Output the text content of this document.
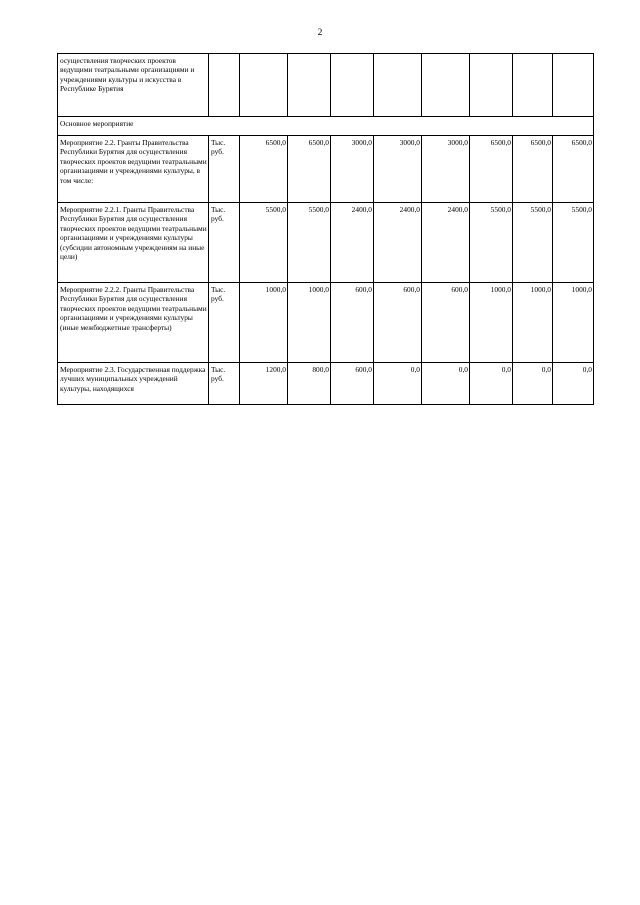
2
осуществления творческих проектов ведущими театральными организациями и учреждениями культуры и искусства в Республике Бурятия									
Основное мероприятие									
Мероприятие 2.2. Гранты Правительства Республики Бурятия для осуществления творческих проектов ведущими театральными организациями и учреждениями культуры, в том числе:	Тыс. руб.	6500,0	6500,0	3000,0	3000,0	3000,0	6500,0	6500,0	6500,0
Мероприятие 2.2.1. Гранты Правительства Республики Бурятия для осуществления творческих проектов ведущими театральными организациями и учреждениями культуры (субсидии автономным учреждениям на иные цели)	Тыс. руб.	5500,0	5500,0	2400,0	2400,0	2400,0	5500,0	5500,0	5500,0
Мероприятие 2.2.2. Гранты Правительства Республики Бурятия для осуществления творческих проектов ведущими театральными организациями и учреждениями культуры (иные межбюджетные трансферты)	Тыс. руб.	1000,0	1000,0	600,0	600,0	600,0	1000,0	1000,0	1000,0
Мероприятие 2.3. Государственная поддержка лучших муниципальных учреждений культуры, находящихся	Тыс. руб.	1200,0	800,0	600,0	0,0	0,0	0,0	0,0	0,0
